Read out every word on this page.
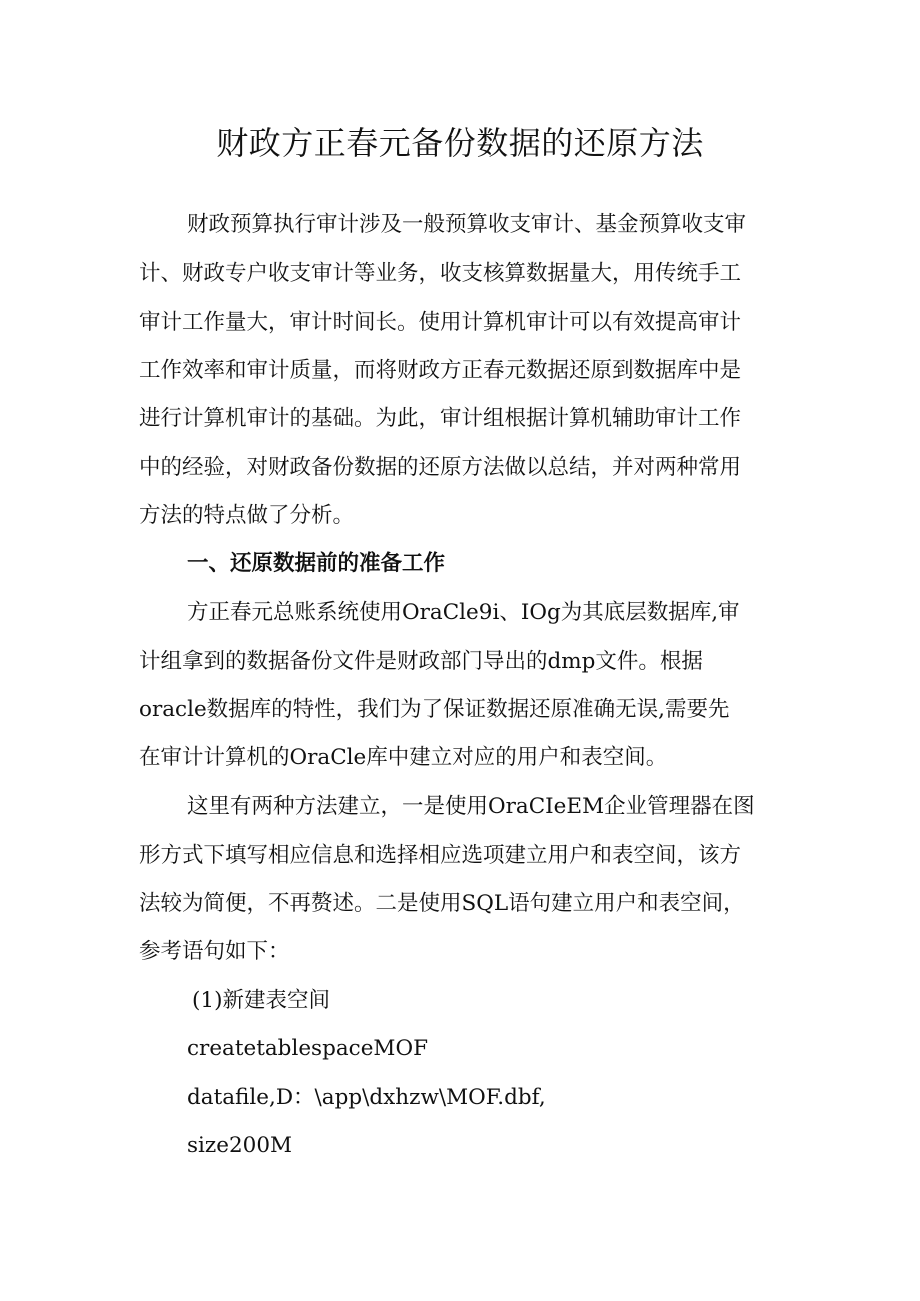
财政方正春元备份数据的还原方法

财政预算执行审计涉及一般预算收支审计、基金预算收支审

计、财政专户收支审计等业务，收支核算数据量大，用传统手工

审计工作量大，审计时间长。使用计算机审计可以有效提高审计

工作效率和审计质量，而将财政方正春元数据还原到数据库中是

进行计算机审计的基础。为此，审计组根据计算机辅助审计工作

中的经验，对财政备份数据的还原方法做以总结，并对两种常用

方法的特点做了分析。

一、还原数据前的准备工作

方正春元总账系统使用OraCle9i、IOg为其底层数据库,审

计组拿到的数据备份文件是财政部门导出的dmp文件。根据

oracle数据库的特性，我们为了保证数据还原准确无误,需要先

在审计计算机的OraCle库中建立对应的用户和表空间。

这里有两种方法建立，一是使用OraCIeEM企业管理器在图

形方式下填写相应信息和选择相应选项建立用户和表空间，该方

法较为简便，不再赘述。二是使用SQL语句建立用户和表空间，

参考语句如下：

(1)新建表空间

createtablespaceMOF

datafile,D：\app\dxhzw\MOF.dbf,

size200M
